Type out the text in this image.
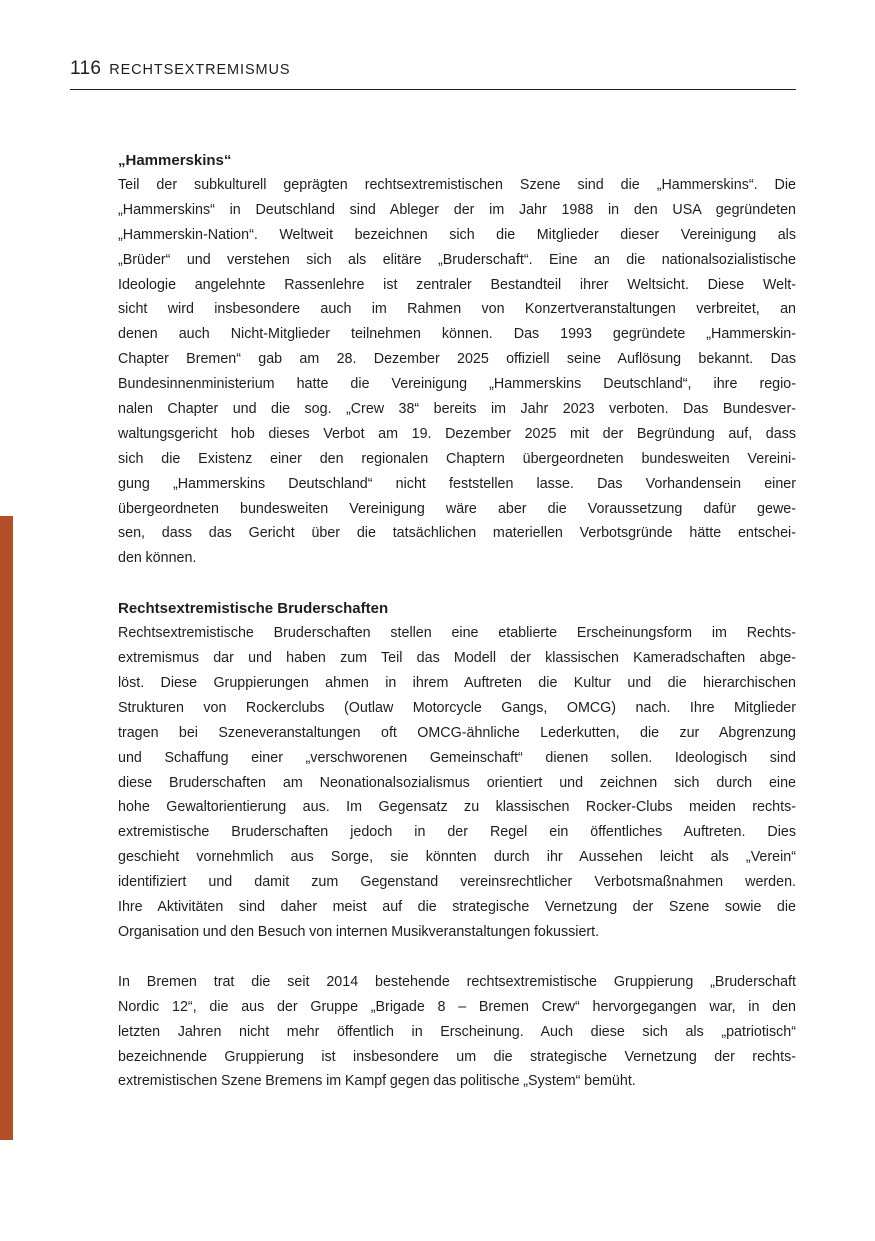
116 RECHTSEXTREMISMUS
„Hammerskins“
Teil der subkulturell geprägten rechtsextremistischen Szene sind die „Hammerskins“. Die
„Hammerskins“ in Deutschland sind Ableger der im Jahr 1988 in den USA gegründeten
„Hammerskin-Nation“. Weltweit bezeichnen sich die Mitglieder dieser Vereinigung als
„Brüder“ und verstehen sich als elitäre „Bruderschaft“. Eine an die nationalsozialistische
Ideologie angelehnte Rassenlehre ist zentraler Bestandteil ihrer Weltsicht. Diese Welt-
sicht wird insbesondere auch im Rahmen von Konzertveranstaltungen verbreitet, an
denen auch Nicht-Mitglieder teilnehmen können. Das 1993 gegründete „Hammerskin-
Chapter Bremen“ gab am 28. Dezember 2025 offiziell seine Auflösung bekannt. Das
Bundesinnenministerium hatte die Vereinigung „Hammerskins Deutschland“, ihre regio-
nalen Chapter und die sog. „Crew 38“ bereits im Jahr 2023 verboten. Das Bundesver-
waltungsgericht hob dieses Verbot am 19. Dezember 2025 mit der Begründung auf, dass
sich die Existenz einer den regionalen Chaptern übergeordneten bundesweiten Vereini-
gung „Hammerskins Deutschland“ nicht feststellen lasse. Das Vorhandensein einer
übergeordneten bundesweiten Vereinigung wäre aber die Voraussetzung dafür gewe-
sen, dass das Gericht über die tatsächlichen materiellen Verbotsgründe hätte entschei-
den können.
Rechtsextremistische Bruderschaften
Rechtsextremistische Bruderschaften stellen eine etablierte Erscheinungsform im Rechts-
extremismus dar und haben zum Teil das Modell der klassischen Kameradschaften abge-
löst. Diese Gruppierungen ahmen in ihrem Auftreten die Kultur und die hierarchischen
Strukturen von Rockerclubs (Outlaw Motorcycle Gangs, OMCG) nach. Ihre Mitglieder
tragen bei Szeneveranstaltungen oft OMCG-ähnliche Lederkutten, die zur Abgrenzung
und Schaffung einer „verschworenen Gemeinschaft“ dienen sollen. Ideologisch sind
diese Bruderschaften am Neonationalsozialismus orientiert und zeichnen sich durch eine
hohe Gewaltorientierung aus. Im Gegensatz zu klassischen Rocker-Clubs meiden rechts-
extremistische Bruderschaften jedoch in der Regel ein öffentliches Auftreten. Dies
geschieht vornehmlich aus Sorge, sie könnten durch ihr Aussehen leicht als „Verein“
identifiziert und damit zum Gegenstand vereinsrechtlicher Verbotsmaßnahmen werden.
Ihre Aktivitäten sind daher meist auf die strategische Vernetzung der Szene sowie die
Organisation und den Besuch von internen Musikveranstaltungen fokussiert.
In Bremen trat die seit 2014 bestehende rechtsextremistische Gruppierung „Bruderschaft
Nordic 12“, die aus der Gruppe „Brigade 8 – Bremen Crew“ hervorgegangen war, in den
letzten Jahren nicht mehr öffentlich in Erscheinung. Auch diese sich als „patriotisch“
bezeichnende Gruppierung ist insbesondere um die strategische Vernetzung der rechts-
extremistischen Szene Bremens im Kampf gegen das politische „System“ bemüht.
